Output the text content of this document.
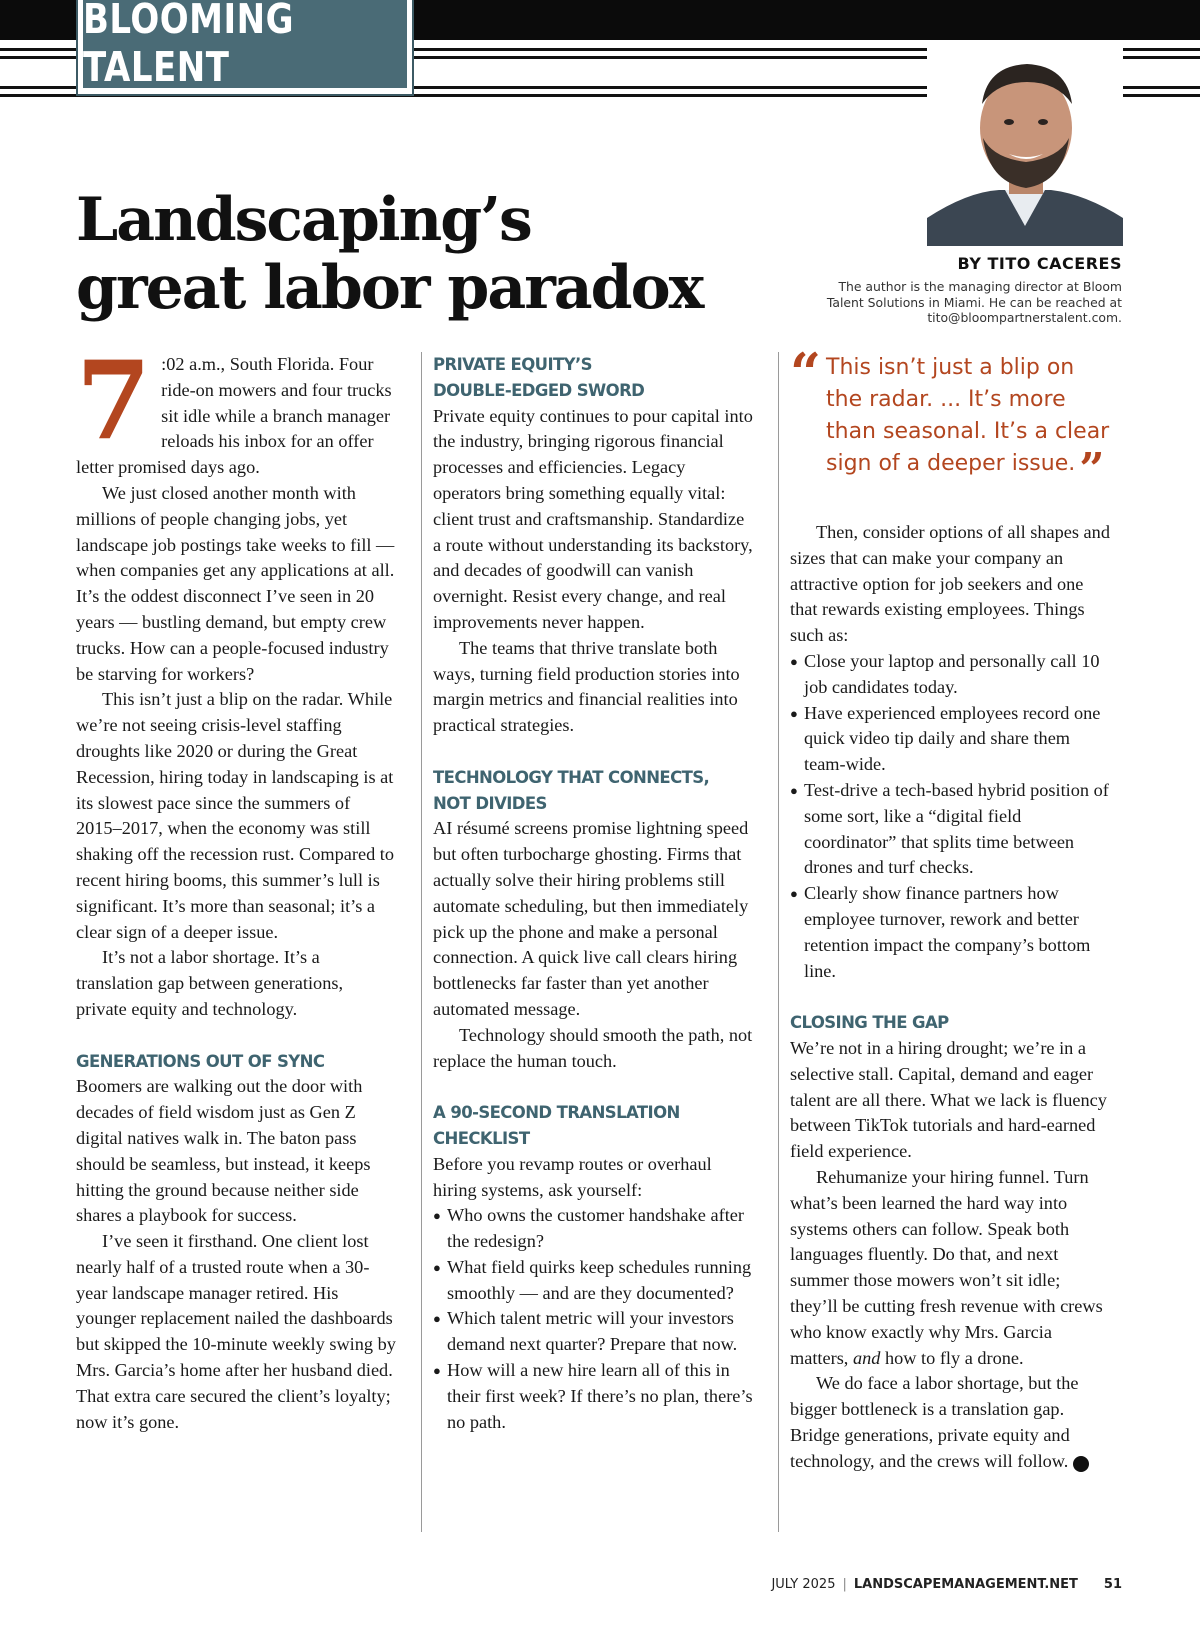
BLOOMING TALENT
Landscaping’s
great labor paradox	BY TITO CACERES
The author is the managing director at Bloom Talent Solutions in Miami. He can be reached at tito@bloompartnerstalent.com.

7 :02 a.m., South Florida. Four ride-on mowers and four trucks sit idle while a branch manager reloads his inbox for an offer letter promised days ago.

We just closed another month with millions of people changing jobs, yet landscape job postings take weeks to fill — when companies get any applications at all. It’s the oddest disconnect I’ve seen in 20 years — bustling demand, but empty crew trucks. How can a people-focused industry be starving for workers?

This isn’t just a blip on the radar. While we’re not seeing crisis-level staffing droughts like 2020 or during the Great Recession, hiring today in landscaping is at its slowest pace since the summers of 2015–2017, when the economy was still shaking off the recession rust. Compared to recent hiring booms, this summer’s lull is significant. It’s more than seasonal; it’s a clear sign of a deeper issue.

It’s not a labor shortage. It’s a translation gap between generations, private equity and technology.

GENERATIONS OUT OF SYNC

Boomers are walking out the door with decades of field wisdom just as Gen Z digital natives walk in. The baton pass should be seamless, but instead, it keeps hitting the ground because neither side shares a playbook for success.

I’ve seen it firsthand. One client lost nearly half of a trusted route when a 30-year landscape manager retired. His younger replacement nailed the dashboards but skipped the 10-minute weekly swing by Mrs. Garcia’s home after her husband died. That extra care secured the client’s loyalty; now it’s gone.

PRIVATE EQUITY’S
DOUBLE-EDGED SWORD

Private equity continues to pour capital into the industry, bringing rigorous financial processes and efficiencies. Legacy operators bring something equally vital: client trust and craftsmanship. Standardize a route without understanding its backstory, and decades of goodwill can vanish overnight. Resist every change, and real improvements never happen.

The teams that thrive translate both ways, turning field production stories into margin metrics and financial realities into practical strategies.

TECHNOLOGY THAT CONNECTS,
NOT DIVIDES

AI résumé screens promise lightning speed but often turbocharge ghosting. Firms that actually solve their hiring problems still automate scheduling, but then immediately pick up the phone and make a personal connection. A quick live call clears hiring bottlenecks far faster than yet another automated message.

Technology should smooth the path, not replace the human touch.

A 90-SECOND TRANSLATION CHECKLIST

Before you revamp routes or overhaul hiring systems, ask yourself:

● Who owns the customer handshake after the redesign?
● What field quirks keep schedules running smoothly — and are they documented?
● Which talent metric will your investors demand next quarter? Prepare that now.
● How will a new hire learn all of this in their first week? If there’s no plan, there’s no path.
“ This isn’t just a blip on the radar. ... It’s more than seasonal. It’s a clear sign of a deeper issue.”

Then, consider options of all shapes and sizes that can make your company an attractive option for job seekers and one that rewards existing employees. Things such as:

● Close your laptop and personally call 10 job candidates today.
● Have experienced employees record one quick video tip daily and share them team-wide.
● Test-drive a tech-based hybrid position of some sort, like a “digital field coordinator” that splits time between drones and turf checks.
● Clearly show finance partners how employee turnover, rework and better retention impact the company’s bottom line.
CLOSING THE GAP

We’re not in a hiring drought; we’re in a selective stall. Capital, demand and eager talent are all there. What we lack is fluency between TikTok tutorials and hard-earned field experience.

Rehumanize your hiring funnel. Turn what’s been learned the hard way into systems others can follow. Speak both languages fluently. Do that, and next summer those mowers won’t sit idle; they’ll be cutting fresh revenue with crews who know exactly why Mrs. Garcia matters, and how to fly a drone.

We do face a labor shortage, but the bigger bottleneck is a translation gap. Bridge generations, private equity and technology, and the crews will follow.	LM

JULY 2025 | LANDSCAPEMANAGEMENT.NET 51
